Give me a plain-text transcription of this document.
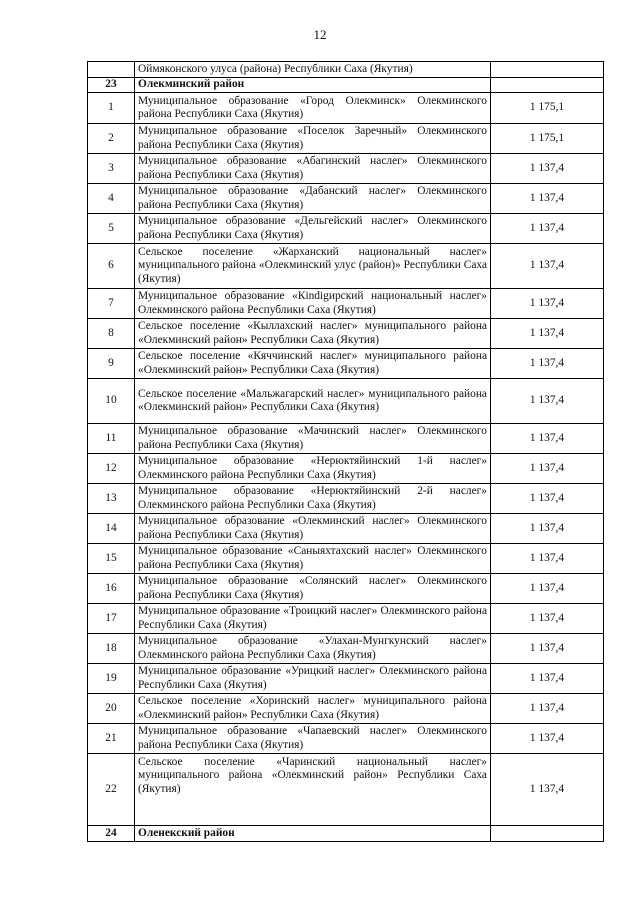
12
	Оймяконского улуса (района) Республики Саха (Якутия)	
23	Олекминский район	
1	Муниципальное образование «Город Олекминск» Олекминского района Республики Саха (Якутия)	1 175,1
2	Муниципальное образование «Поселок Заречный» Олекминского района Республики Саха (Якутия)	1 175,1
3	Муниципальное образование «Абагинский наслег» Олекминского района Республики Саха (Якутия)	1 137,4
4	Муниципальное образование «Дабанский наслег» Олекминского района Республики Саха (Якутия)	1 137,4
5	Муниципальное образование «Дельгейский наслег» Олекминского района Республики Саха (Якутия)	1 137,4
6	Сельское поселение «Жарханский национальный наслег» муниципального района «Олекминский улус (район)» Республики Саха (Якутия)	1 137,4
7	Муниципальное образование «Кindigирский национальный наслег» Олекминского района Республики Саха (Якутия)	1 137,4
8	Сельское поселение «Кыллахский наслег» муниципального района «Олекминский район» Республики Саха (Якутия)	1 137,4
9	Сельское поселение «Кяччинский наслег» муниципального района «Олекминский район» Республики Саха (Якутия)	1 137,4
10	Сельское поселение «Мальжагарский наслег» муниципального района «Олекминский район» Республики Саха (Якутия)	1 137,4
11	Муниципальное образование «Мачинский наслег» Олекминского района Республики Саха (Якутия)	1 137,4
12	Муниципальное образование «Нерюктяйинский 1-й наслег» Олекминского района Республики Саха (Якутия)	1 137,4
13	Муниципальное образование «Нерюктяйинский 2-й наслег» Олекминского района Республики Саха (Якутия)	1 137,4
14	Муниципальное образование «Олекминский наслег» Олекминского района Республики Саха (Якутия)	1 137,4
15	Муниципальное образование «Саныяхтахский наслег» Олекминского района Республики Саха (Якутия)	1 137,4
16	Муниципальное образование «Солянский наслег» Олекминского района Республики Саха (Якутия)	1 137,4
17	Муниципальное образование «Троицкий наслег» Олекминского района Республики Саха (Якутия)	1 137,4
18	Муниципальное образование «Улахан-Мунгкунский наслег» Олекминского района Республики Саха (Якутия)	1 137,4
19	Муниципальное образование «Урицкий наслег» Олекминского района Республики Саха (Якутия)	1 137,4
20	Сельское поселение «Хоринский наслег» муниципального района «Олекминский район» Республики Саха (Якутия)	1 137,4
21	Муниципальное образование «Чапаевский наслег» Олекминского района Республики Саха (Якутия)	1 137,4
22	Сельское поселение «Чаринский национальный наслег» муниципального района «Олекминский район» Республики Саха (Якутия)	1 137,4
24	Оленекский район	
